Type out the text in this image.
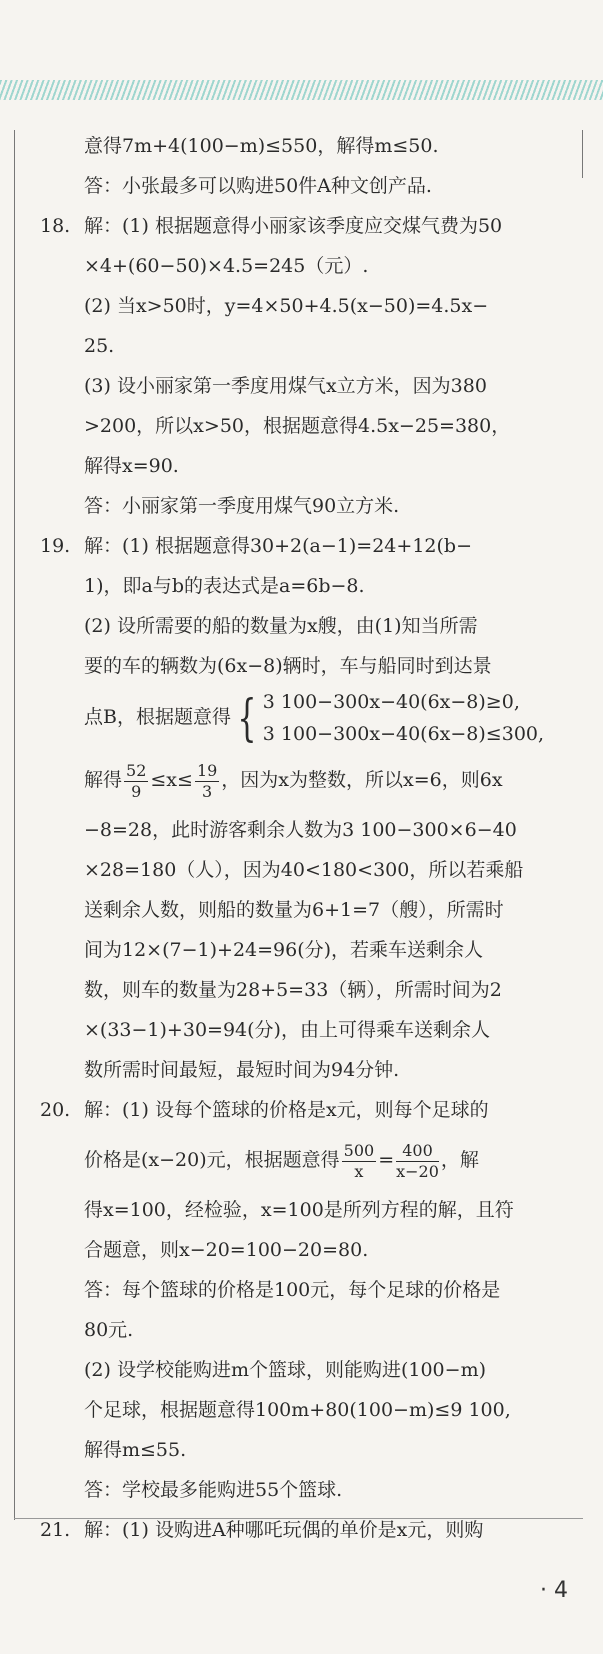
意得7m+4(100−m)≤550，解得m≤50.
答：小张最多可以购进50件A种文创产品.
18. 解：(1) 根据题意得小丽家该季度应交煤气费为50
×4+(60−50)×4.5=245（元）.
(2) 当x>50时，y=4×50+4.5(x−50)=4.5x−
25.
(3) 设小丽家第一季度用煤气x立方米，因为380
>200，所以x>50，根据题意得4.5x−25=380，
解得x=90.
答：小丽家第一季度用煤气90立方米.
19. 解：(1) 根据题意得30+2(a−1)=24+12(b−
1)，即a与b的表达式是a=6b−8.
(2) 设所需要的船的数量为x艘，由(1)知当所需
要的车的辆数为(6x−8)辆时，车与船同时到达景
点B，根据题意得 { 3 100−300x−40(6x−8)≥0,
3 100−300x−40(6x−8)≤300,
解得 $\frac{52}{9} \le x\le \frac{19}{3}$ ，因为x为整数，所以x=6，则6x
−8=28，此时游客剩余人数为3 100−300×6−40
×28=180（人），因为40<180<300，所以若乘船
送剩余人数，则船的数量为6+1=7（艘），所需时
间为12×(7−1)+24=96(分)，若乘车送剩余人
数，则车的数量为28+5=33（辆），所需时间为2
×(33−1)+30=94(分)，由上可得乘车送剩余人
数所需时间最短，最短时间为94分钟.
20. 解：(1) 设每个篮球的价格是x元，则每个足球的
价格是(x−20)元，根据题意得 $\frac{500}{x} = \frac{400}{x-20}$ ，解
得x=100，经检验，x=100是所列方程的解，且符
合题意，则x−20=100−20=80.
答：每个篮球的价格是100元，每个足球的价格是
80元.
(2) 设学校能购进m个篮球，则能购进(100−m)
个足球，根据题意得100m+80(100−m)≤9 100,
解得m≤55.
答：学校最多能购进55个篮球.
21. 解：(1) 设购进A种哪吒玩偶的单价是x元，则购
· 4
